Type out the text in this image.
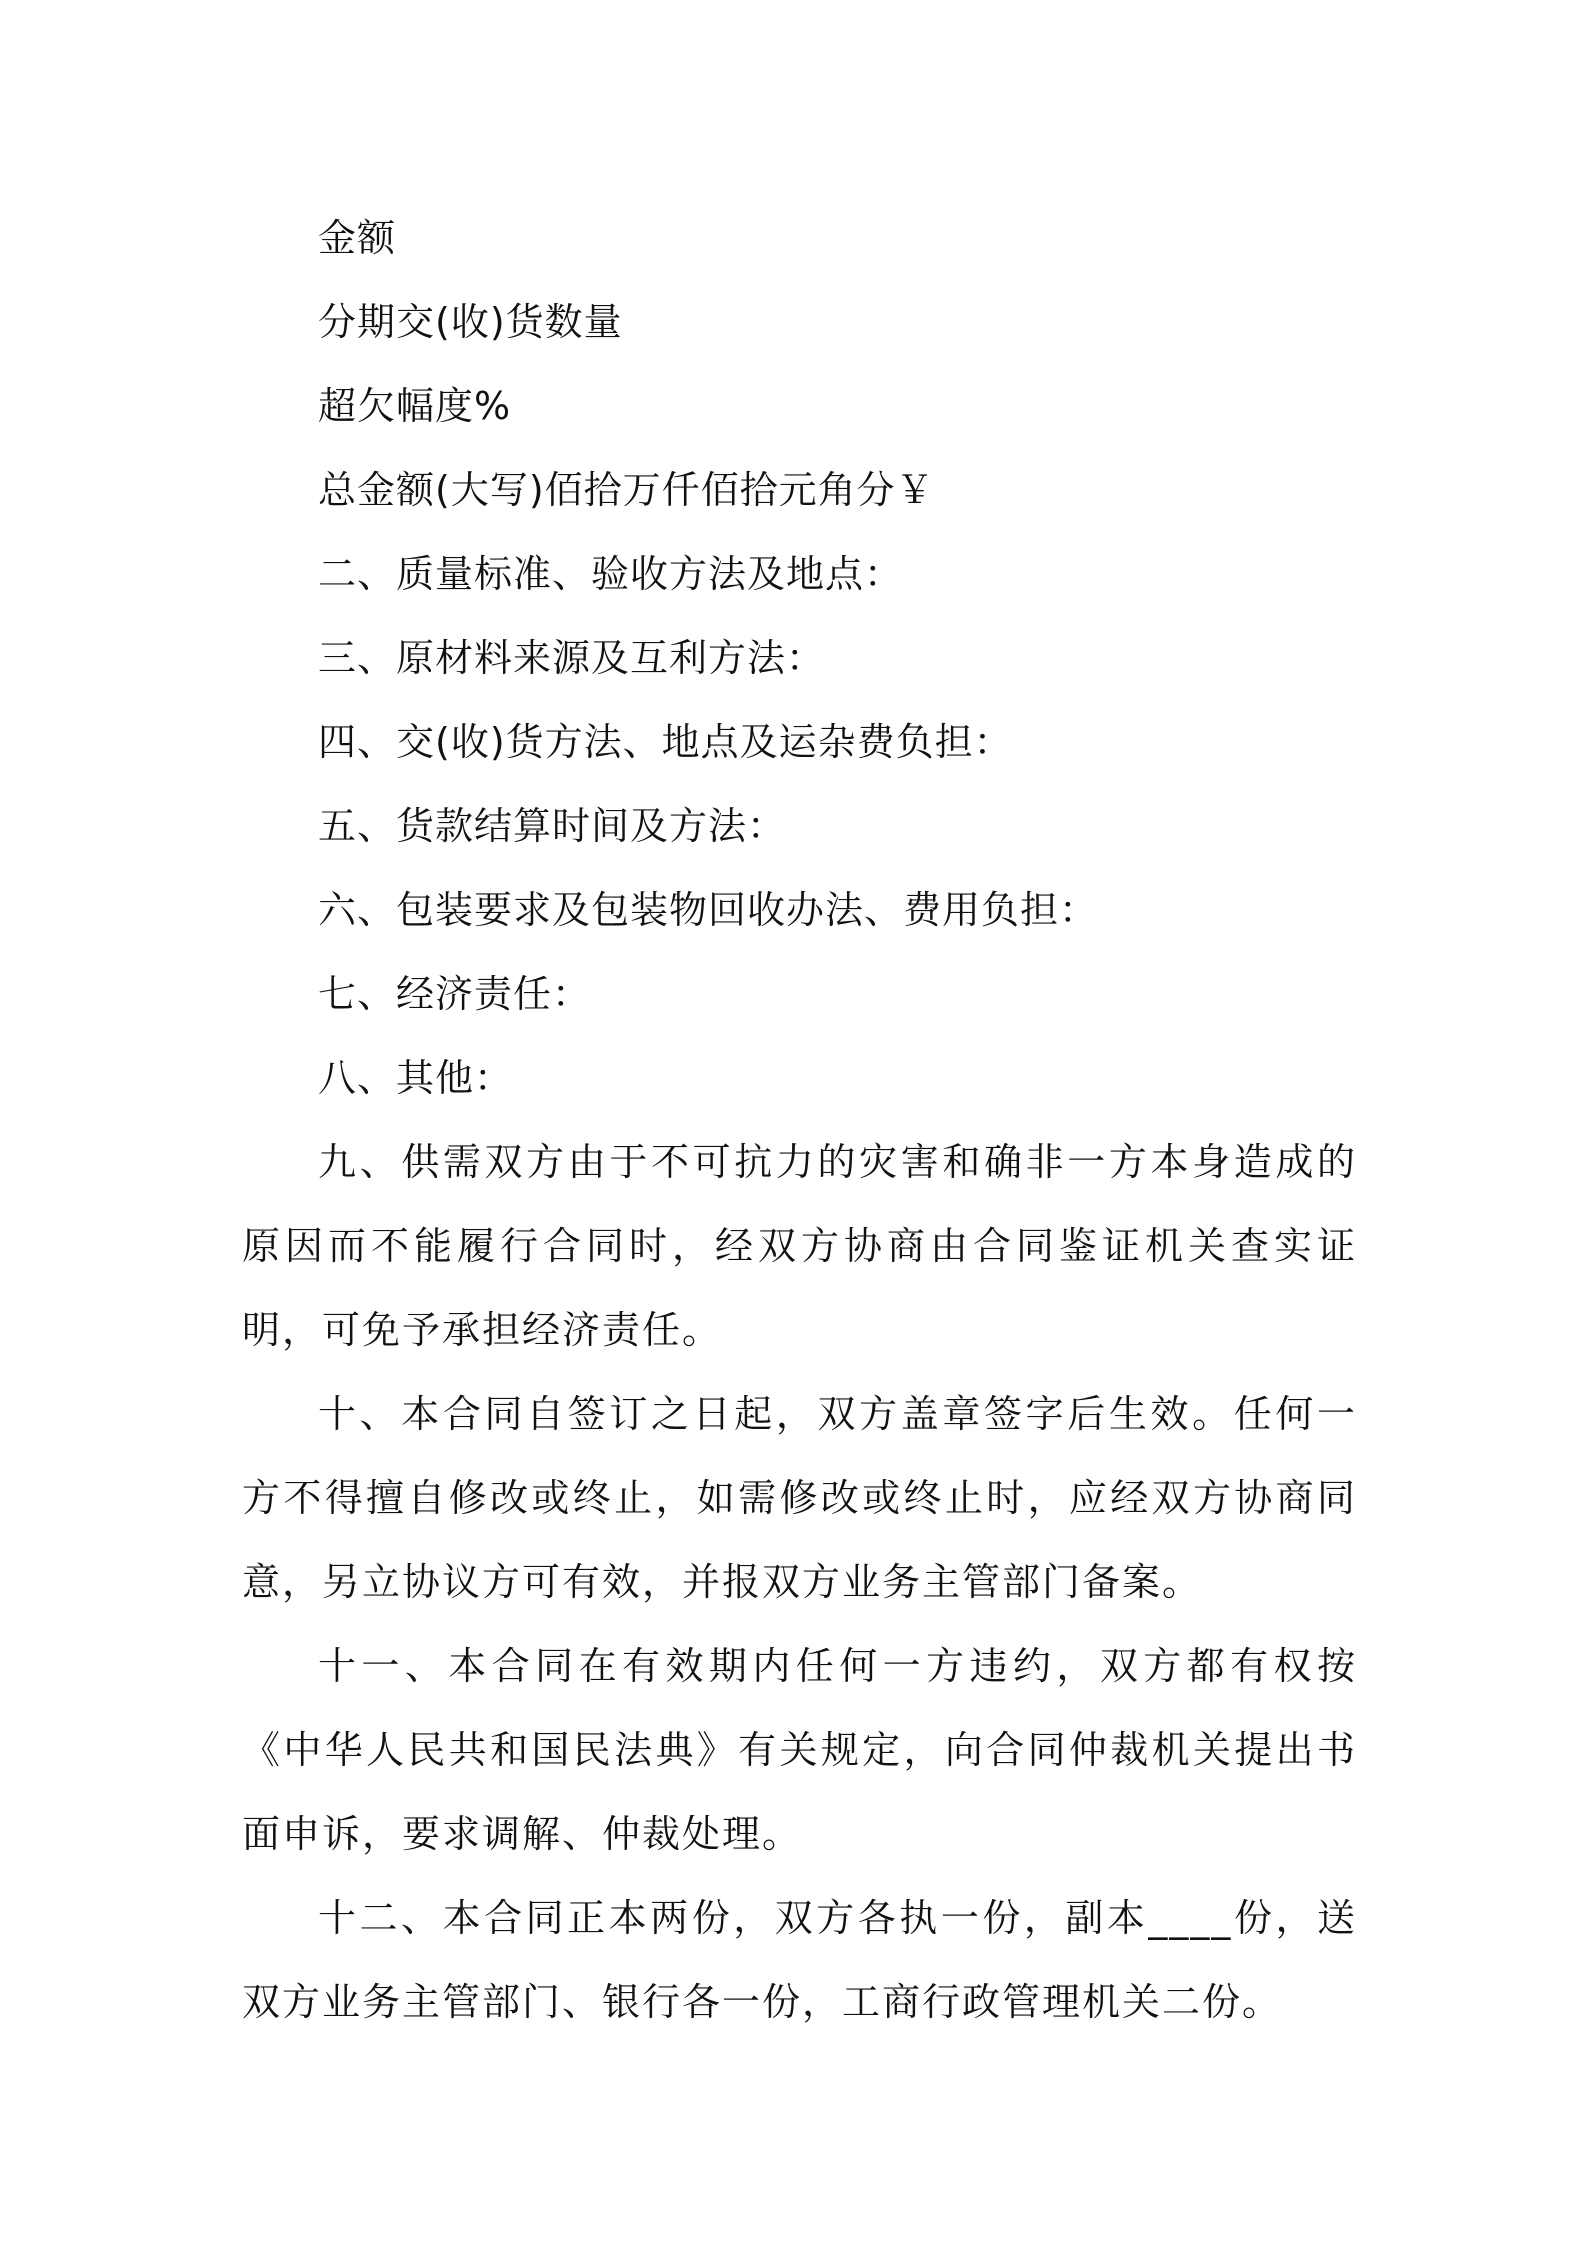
金额

分期交(收)货数量

超欠幅度%

总金额(大写)佰拾万仟佰拾元角分￥

二、质量标准、验收方法及地点：

三、原材料来源及互利方法：

四、交(收)货方法、地点及运杂费负担：

五、货款结算时间及方法：

六、包装要求及包装物回收办法、费用负担：

七、经济责任：

八、其他：

九、供需双方由于不可抗力的灾害和确非一方本身造成的原因而不能履行合同时，经双方协商由合同鉴证机关查实证明，可免予承担经济责任。

十、本合同自签订之日起，双方盖章签字后生效。任何一方不得擅自修改或终止，如需修改或终止时，应经双方协商同意，另立协议方可有效，并报双方业务主管部门备案。

十一、本合同在有效期内任何一方违约，双方都有权按《中华人民共和国民法典》有关规定，向合同仲裁机关提出书面申诉，要求调解、仲裁处理。

十二、本合同正本两份，双方各执一份，副本____份，送双方业务主管部门、银行各一份，工商行政管理机关二份。
